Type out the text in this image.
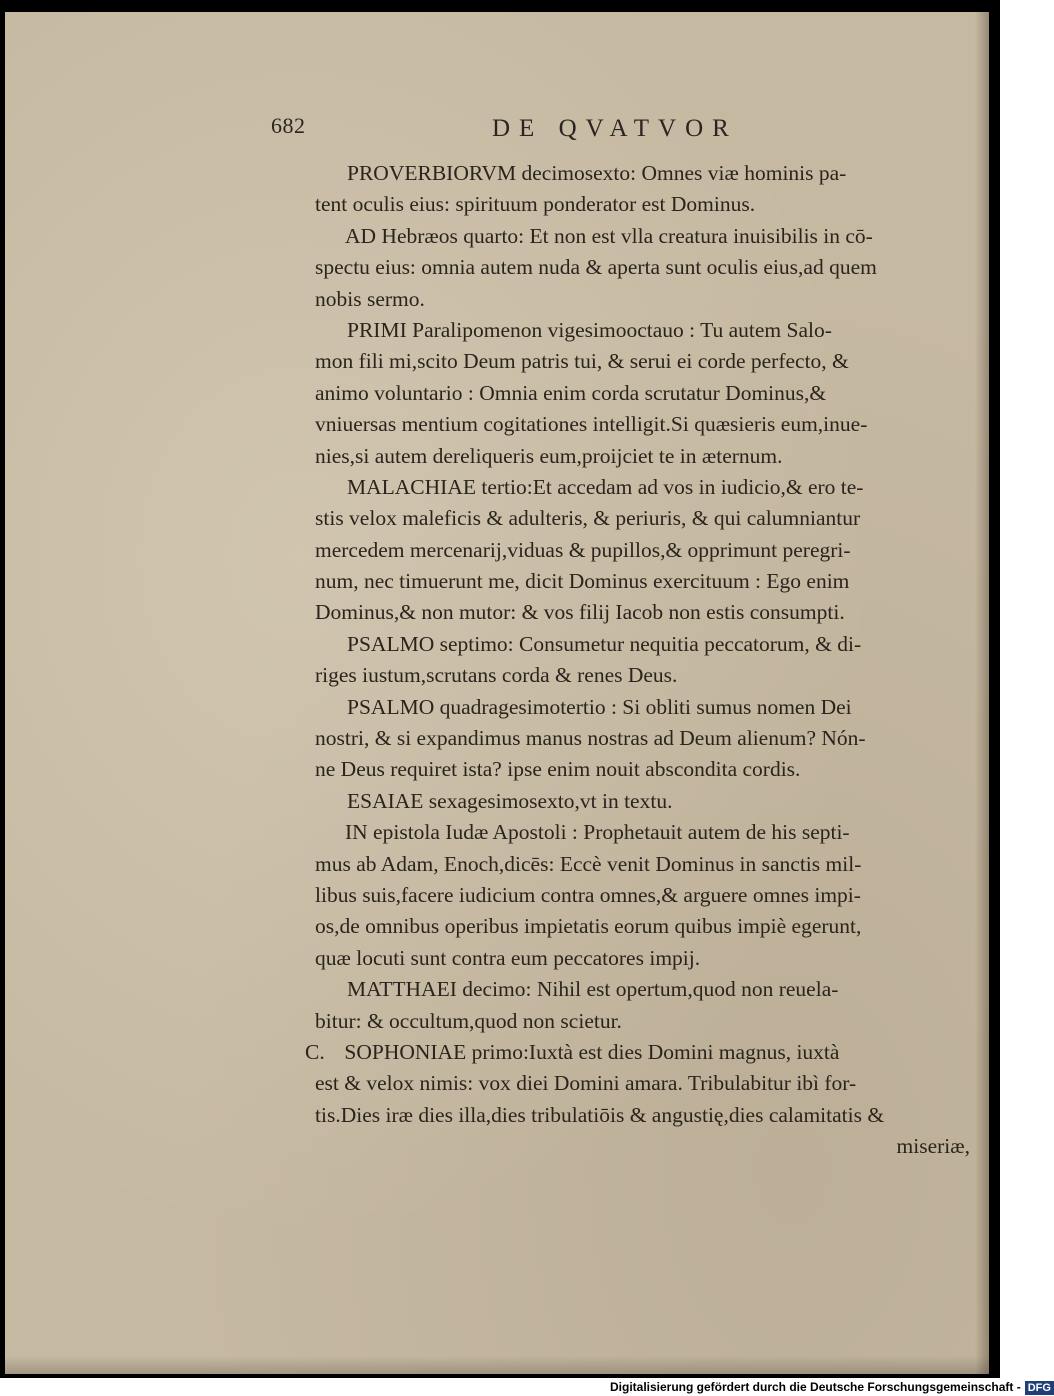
682	DE QVATVOR
PROVERBIORVM decimosexto: Omnes viæ hominis pa-
tent oculis eius: spirituum ponderator est Dominus.
AD Hebræos quarto: Et non est vlla creatura inuisibilis in cō-
spectu eius: omnia autem nuda & aperta sunt oculis eius,ad quem
nobis sermo.
PRIMI Paralipomenon vigesimooctauo : Tu autem Salo-
mon fili mi,scito Deum patris tui, & serui ei corde perfecto, &
animo voluntario : Omnia enim corda scrutatur Dominus,&
vniuersas mentium cogitationes intelligit.Si quæsieris eum,inue-
nies,si autem dereliqueris eum,proijciet te in æternum.
MALACHIAE tertio:Et accedam ad vos in iudicio,& ero te-
stis velox maleficis & adulteris, & periuris, & qui calumniantur
mercedem mercenarij,viduas & pupillos,& opprimunt peregri-
num, nec timuerunt me, dicit Dominus exercituum : Ego enim
Dominus,& non mutor: & vos filij Iacob non estis consumpti.
PSALMO septimo: Consumetur nequitia peccatorum, & di-
riges iustum,scrutans corda & renes Deus.
PSALMO quadragesimotertio : Si obliti sumus nomen Dei
nostri, & si expandimus manus nostras ad Deum alienum? Nón-
ne Deus requiret ista? ipse enim nouit abscondita cordis.
ESAIAE sexagesimosexto,vt in textu.
IN epistola Iudæ Apostoli : Prophetauit autem de his septi-
mus ab Adam, Enoch,dicēs: Eccè venit Dominus in sanctis mil-
libus suis,facere iudicium contra omnes,& arguere omnes impi-
os,de omnibus operibus impietatis eorum quibus impiè egerunt,
quæ locuti sunt contra eum peccatores impij.
MATTHAEI decimo: Nihil est opertum,quod non reuela-
bitur: & occultum,quod non scietur.
C. SOPHONIAE primo:Iuxtà est dies Domini magnus, iuxtà
est & velox nimis: vox diei Domini amara. Tribulabitur ibì for-
tis.Dies iræ dies illa,dies tribulatiōis & angustię,dies calamitatis &
miseriæ,
Digitalisierung gefördert durch die Deutsche Forschungsgemeinschaft - DFG
